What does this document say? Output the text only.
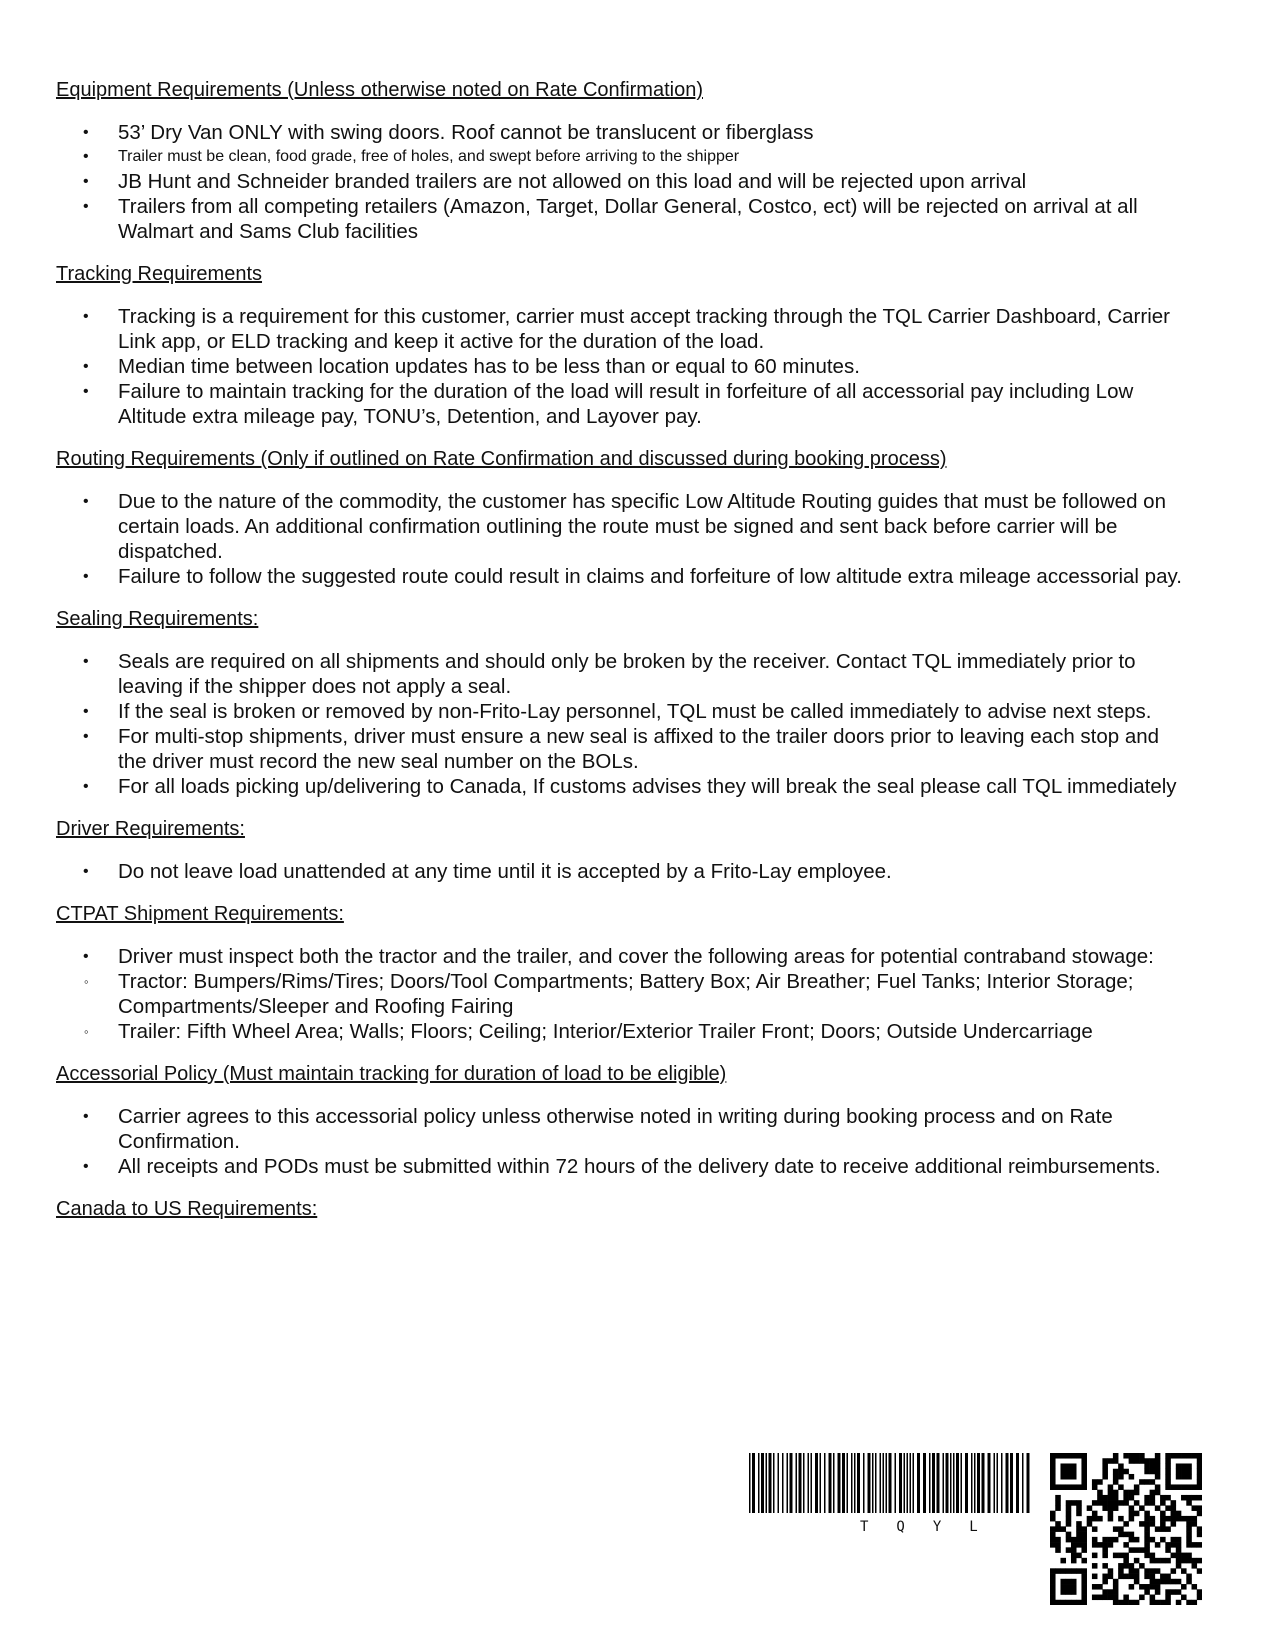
Equipment Requirements (Unless otherwise noted on Rate Confirmation)

• 53’ Dry Van ONLY with swing doors. Roof cannot be translucent or fiberglass
• Trailer must be clean, food grade, free of holes, and swept before arriving to the shipper
• JB Hunt and Schneider branded trailers are not allowed on this load and will be rejected upon arrival
• Trailers from all competing retailers (Amazon, Target, Dollar General, Costco, ect) will be rejected on arrival at all Walmart and Sams Club facilities

Tracking Requirements

• Tracking is a requirement for this customer, carrier must accept tracking through the TQL Carrier Dashboard, Carrier Link app, or ELD tracking and keep it active for the duration of the load.
• Median time between location updates has to be less than or equal to 60 minutes.
• Failure to maintain tracking for the duration of the load will result in forfeiture of all accessorial pay including Low Altitude extra mileage pay, TONU’s, Detention, and Layover pay.

Routing Requirements (Only if outlined on Rate Confirmation and discussed during booking process)

• Due to the nature of the commodity, the customer has specific Low Altitude Routing guides that must be followed on certain loads. An additional confirmation outlining the route must be signed and sent back before carrier will be dispatched.
• Failure to follow the suggested route could result in claims and forfeiture of low altitude extra mileage accessorial pay.

Sealing Requirements:

• Seals are required on all shipments and should only be broken by the receiver. Contact TQL immediately prior to leaving if the shipper does not apply a seal.
• If the seal is broken or removed by non-Frito-Lay personnel, TQL must be called immediately to advise next steps.
• For multi-stop shipments, driver must ensure a new seal is affixed to the trailer doors prior to leaving each stop and the driver must record the new seal number on the BOLs.
• For all loads picking up/delivering to Canada, If customs advises they will break the seal please call TQL immediately

Driver Requirements:

• Do not leave load unattended at any time until it is accepted by a Frito-Lay employee.

CTPAT Shipment Requirements:

• Driver must inspect both the tractor and the trailer, and cover the following areas for potential contraband stowage:
◦ Tractor: Bumpers/Rims/Tires; Doors/Tool Compartments; Battery Box; Air Breather; Fuel Tanks; Interior Storage; Compartments/Sleeper and Roofing Fairing
◦ Trailer: Fifth Wheel Area; Walls; Floors; Ceiling; Interior/Exterior Trailer Front; Doors; Outside Undercarriage

Accessorial Policy (Must maintain tracking for duration of load to be eligible)

• Carrier agrees to this accessorial policy unless otherwise noted in writing during booking process and on Rate Confirmation.
• All receipts and PODs must be submitted within 72 hours of the delivery date to receive additional reimbursements.

Canada to US Requirements:

TQYL
